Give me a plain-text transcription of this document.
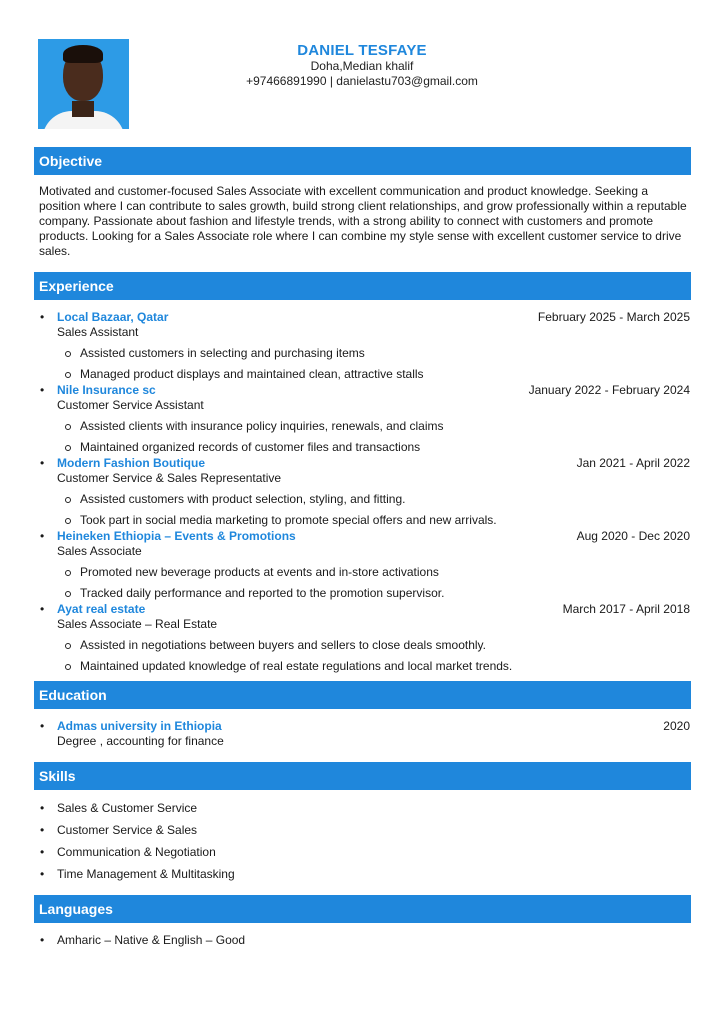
DANIEL TESFAYE
Doha,Median khalif
+97466891990 | danielastu703@gmail.com
Objective
Motivated and customer-focused Sales Associate with excellent communication and product knowledge. Seeking a position where I can contribute to sales growth, build strong client relationships, and grow professionally within a reputable company. Passionate about fashion and lifestyle trends, with a strong ability to connect with customers and promote products. Looking for a Sales Associate role where I can combine my style sense with excellent customer service to drive sales.
Experience
• Local Bazaar, Qatar	February 2025 - March 2025
Sales Assistant
Assisted customers in selecting and purchasing items
Managed product displays and maintained clean, attractive stalls
• Nile Insurance sc	January 2022 - February 2024
Customer Service Assistant
Assisted clients with insurance policy inquiries, renewals, and claims
Maintained organized records of customer files and transactions
• Modern Fashion Boutique	Jan 2021 - April 2022
Customer Service & Sales Representative
Assisted customers with product selection, styling, and fitting.
Took part in social media marketing to promote special offers and new arrivals.
• Heineken Ethiopia – Events & Promotions	Aug 2020 - Dec 2020
Sales Associate
Promoted new beverage products at events and in-store activations
Tracked daily performance and reported to the promotion supervisor.
• Ayat real estate	March 2017 - April 2018
Sales Associate – Real Estate
Assisted in negotiations between buyers and sellers to close deals smoothly.
Maintained updated knowledge of real estate regulations and local market trends.
Education
• Admas university in Ethiopia	2020
Degree , accounting for finance
Skills
• Sales & Customer Service
• Customer Service & Sales
• Communication & Negotiation
• Time Management & Multitasking
Languages
• Amharic – Native & English – Good
